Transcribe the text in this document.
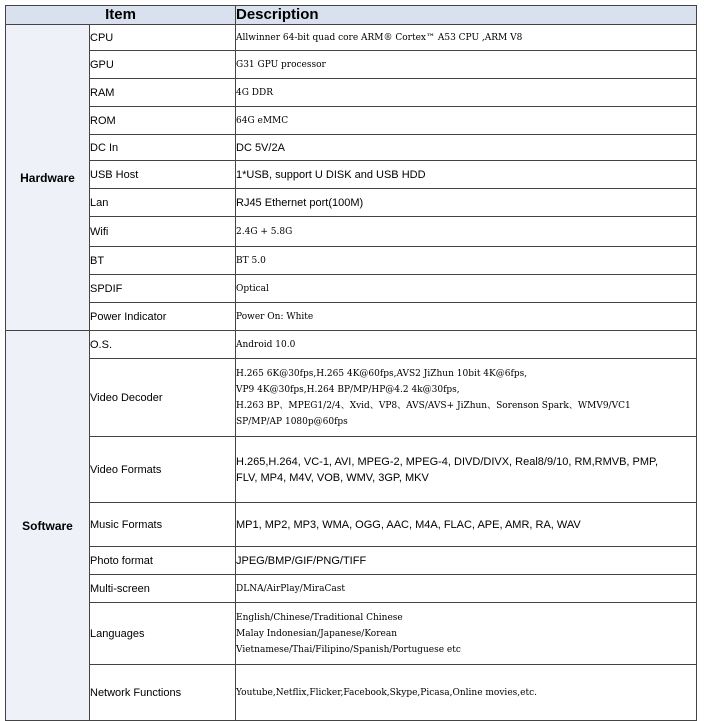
Item		Description
Hardware	CPU	Allwinner 64-bit quad core ARM® Cortex™ A53 CPU ,ARM V8

	GPU	G31 GPU processor

	RAM	4G DDR

	ROM	64G eMMC

	DC In	DC 5V/2A

	USB Host	1*USB, support U DISK and USB HDD

	Lan	RJ45 Ethernet port(100M)

	Wifi	2.4G + 5.8G

	BT	BT 5.0

	SPDIF	Optical

	Power Indicator	Power On: White

Software	O.S.	Android 10.0

	Video Decoder	H.265 6K@30fps,H.265 4K@60fps,AVS2 JiZhun 10bit 4K@6fps,
VP9 4K@30fps,H.264 BP/MP/HP@4.2 4k@30fps,
H.263 BP、MPEG1/2/4、Xvid、VP8、AVS/AVS+ JiZhun、Sorenson Spark、WMV9/VC1
SP/MP/AP 1080p@60fps

	Video Formats	H.265,H.264, VC-1, AVI, MPEG-2, MPEG-4, DIVD/DIVX, Real8/9/10, RM,RMVB, PMP,
FLV, MP4, M4V, VOB, WMV, 3GP, MKV

	Music Formats	MP1, MP2, MP3, WMA, OGG, AAC, M4A, FLAC, APE, AMR, RA, WAV

	Photo format	JPEG/BMP/GIF/PNG/TIFF

	Multi-screen	DLNA/AirPlay/MiraCast

	Languages	English/Chinese/Traditional Chinese
Malay Indonesian/Japanese/Korean
Vietnamese/Thai/Filipino/Spanish/Portuguese etc

	Network Functions	Youtube,Netflix,Flicker,Facebook,Skype,Picasa,Online movies,etc.
